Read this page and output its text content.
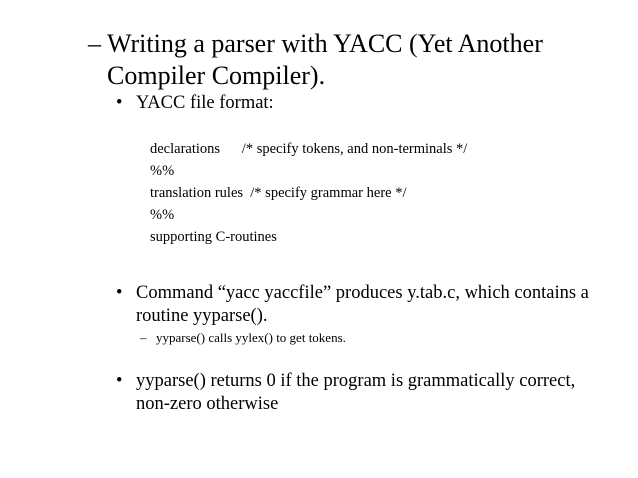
– Writing a parser with YACC (Yet Another Compiler Compiler).
• YACC file format:
declarations      /* specify tokens, and non-terminals */
%%
translation rules  /* specify grammar here */
%%
supporting C-routines
• Command “yacc yaccfile” produces y.tab.c, which contains a routine yyparse().
– yyparse() calls yylex() to get tokens.
• yyparse() returns 0 if the program is grammatically correct, non-zero otherwise
